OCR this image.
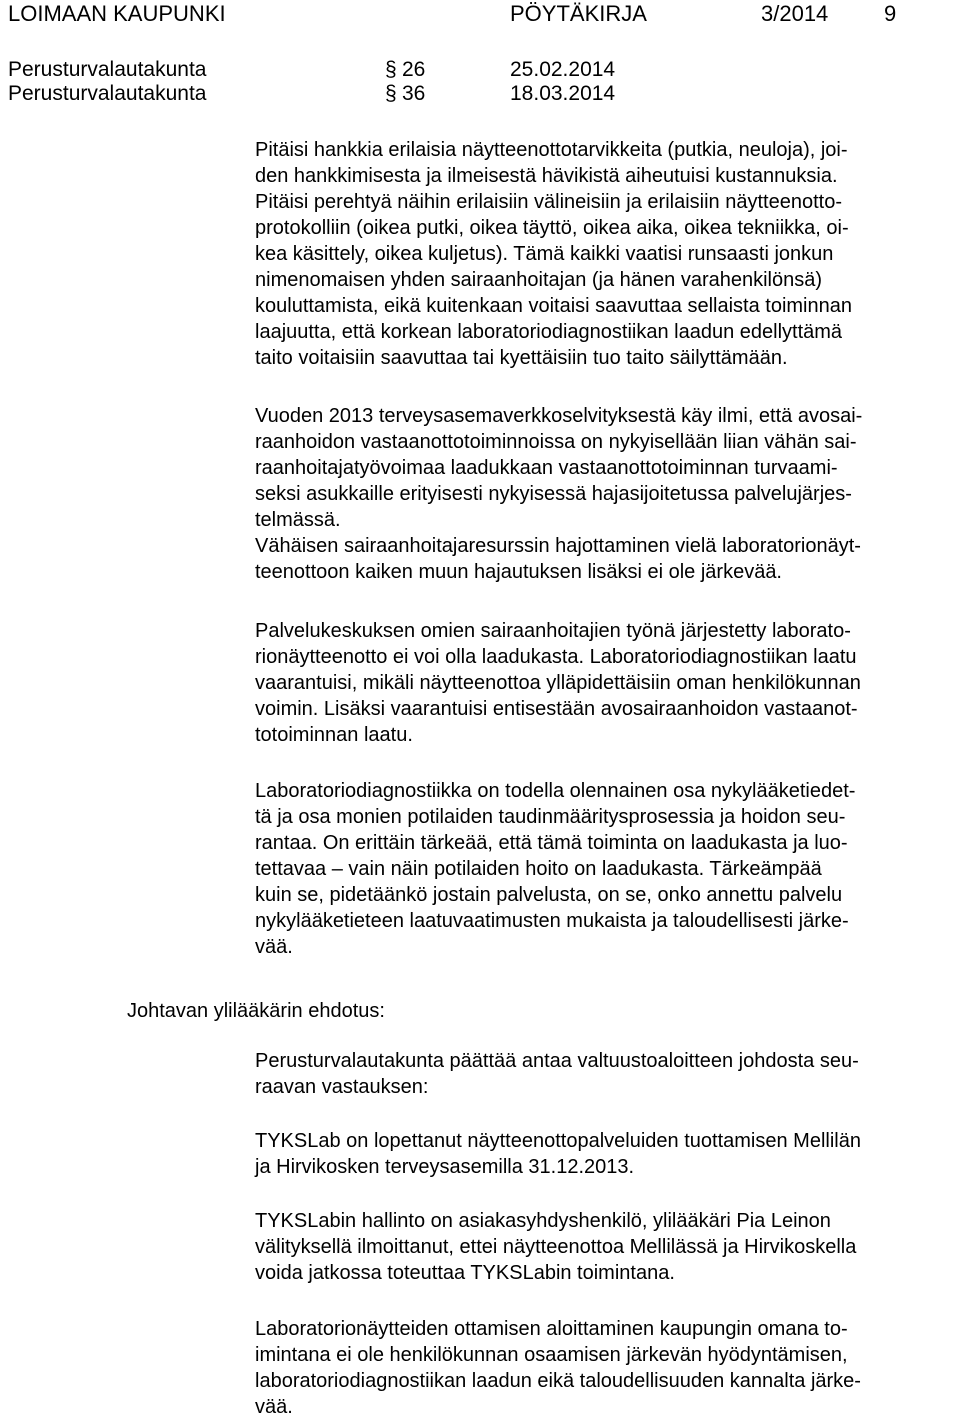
LOIMAAN KAUPUNKI	PÖYTÄKIRJA	3/2014	9
Perusturvalautakunta	§ 26	25.02.2014
Perusturvalautakunta	§ 36	18.03.2014
Johtavan ylilääkärin ehdotus:
Pitäisi hankkia erilaisia näytteenottotarvikkeita (putkia, neuloja), joi-
den hankkimisesta ja ilmeisestä hävikistä aiheutuisi kustannuksia.
Pitäisi perehtyä näihin erilaisiin välineisiin ja erilaisiin näytteenotto-
protokolliin (oikea putki, oikea täyttö, oikea aika, oikea tekniikka, oi-
kea käsittely, oikea kuljetus). Tämä kaikki vaatisi runsaasti jonkun
nimenomaisen yhden sairaanhoitajan (ja hänen varahenkilönsä)
kouluttamista, eikä kuitenkaan voitaisi saavuttaa sellaista toiminnan
laajuutta, että korkean laboratoriodiagnostiikan laadun edellyttämä
taito voitaisiin saavuttaa tai kyettäisiin tuo taito säilyttämään.
Vuoden 2013 terveysasemaverkkoselvityksestä käy ilmi, että avosai-
raanhoidon vastaanottotoiminnoissa on nykyisellään liian vähän sai-
raanhoitajatyövoimaa laadukkaan vastaanottotoiminnan turvaami-
seksi asukkaille erityisesti nykyisessä hajasijoitetussa palvelujärjes-
telmässä.
Vähäisen sairaanhoitajaresurssin hajottaminen vielä laboratorionäyt-
teenottoon kaiken muun hajautuksen lisäksi ei ole järkevää.
Palvelukeskuksen omien sairaanhoitajien työnä järjestetty laborato-
rionäytteenotto ei voi olla laadukasta. Laboratoriodiagnostiikan laatu
vaarantuisi, mikäli näytteenottoa ylläpidettäisiin oman henkilökunnan
voimin. Lisäksi vaarantuisi entisestään avosairaanhoidon vastaanot-
totoiminnan laatu.
Laboratoriodiagnostiikka on todella olennainen osa nykylääketiedet-
tä ja osa monien potilaiden taudinmääritysprosessia ja hoidon seu-
rantaa. On erittäin tärkeää, että tämä toiminta on laadukasta ja luo-
tettavaa – vain näin potilaiden hoito on laadukasta. Tärkeämpää
kuin se, pidetäänkö jostain palvelusta, on se, onko annettu palvelu
nykylääketieteen laatuvaatimusten mukaista ja taloudellisesti järke-
vää.
Perusturvalautakunta päättää antaa valtuustoaloitteen johdosta seu-
raavan vastauksen:
TYKSLab on lopettanut näytteenottopalveluiden tuottamisen Mellilän
ja Hirvikosken terveysasemilla 31.12.2013.
TYKSLabin hallinto on asiakasyhdyshenkilö, ylilääkäri Pia Leinon
välityksellä ilmoittanut, ettei näytteenottoa Mellilässä ja Hirvikoskella
voida jatkossa toteuttaa TYKSLabin toimintana.
Laboratorionäytteiden ottamisen aloittaminen kaupungin omana to-
imintana ei ole henkilökunnan osaamisen järkevän hyödyntämisen,
laboratoriodiagnostiikan laadun eikä taloudellisuuden kannalta järke-
vää.
